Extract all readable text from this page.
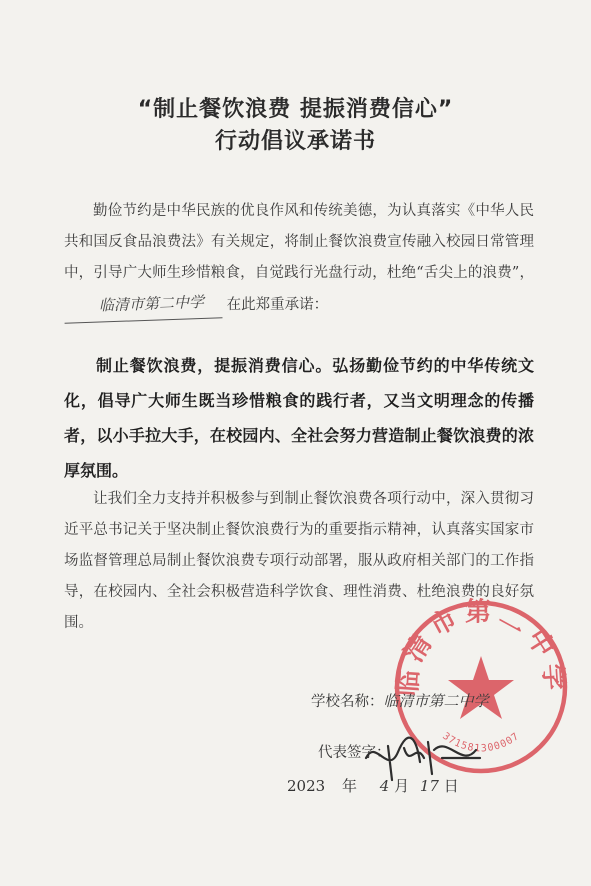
“制止餐饮浪费 提振消费信心”
行动倡议承诺书

勤俭节约是中华民族的优良作风和传统美德，为认真落实《中华人民共和国反食品浪费法》有关规定，将制止餐饮浪费宣传融入校园日常管理中，引导广大师生珍惜粮食，自觉践行光盘行动，杜绝“舌尖上的浪费”，临清市第二中学 在此郑重承诺：

制止餐饮浪费，提振消费信心。弘扬勤俭节约的中华传统文化，倡导广大师生既当珍惜粮食的践行者，又当文明理念的传播者，以小手拉大手，在校园内、全社会努力营造制止餐饮浪费的浓厚氛围。

让我们全力支持并积极参与到制止餐饮浪费各项行动中，深入贯彻习近平总书记关于坚决制止餐饮浪费行为的重要指示精神，认真落实国家市场监督管理总局制止餐饮浪费专项行动部署，服从政府相关部门的工作指导，在校园内、全社会积极营造科学饮食、理性消费、杜绝浪费的良好氛围。

临清市第二中学
371581300007
学校名称：临清市第二中学
代表签字：
2023 年 4 月 17 日
